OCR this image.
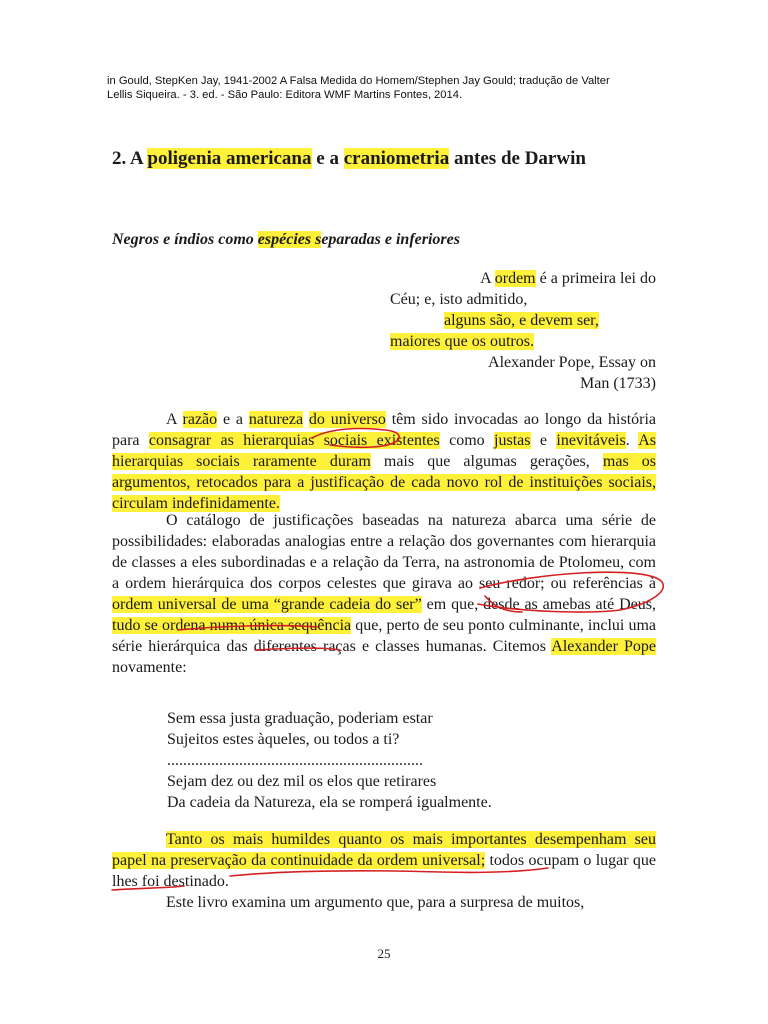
in Gould, StepKen Jay, 1941-2002 A Falsa Medida do Homem/Stephen Jay Gould; tradução de Valter
Lellis Siqueira. - 3. ed. - São Paulo: Editora WMF Martins Fontes, 2014.
2. A poligenia americana e a craniometria antes de Darwin
Negros e índios como espécies separadas e inferiores
A ordem é a primeira lei do
Céu; e, isto admitido,
alguns são, e devem ser,
maiores que os outros.
Alexander Pope, Essay on
Man (1733)

A razão e a natureza do universo têm sido invocadas ao longo da história para consagrar as hierarquias sociais existentes como justas e inevitáveis. As hierarquias sociais raramente duram mais que algumas gerações, mas os argumentos, retocados para a justificação de cada novo rol de instituições sociais, circulam indefinidamente.

O catálogo de justificações baseadas na natureza abarca uma série de possibilidades: elaboradas analogias entre a relação dos governantes com hierarquia de classes a eles subordinadas e a relação da Terra, na astronomia de Ptolomeu, com a ordem hierárquica dos corpos celestes que girava ao seu redor; ou referências à ordem universal de uma “grande cadeia do ser” em que, desde as amebas até Deus, tudo se ordena numa única sequência que, perto de seu ponto culminante, inclui uma série hierárquica das diferentes raças e classes humanas. Citemos Alexander Pope novamente:

Sem essa justa graduação, poderiam estar
Sujeitos estes àqueles, ou todos a ti?
................................................................
Sejam dez ou dez mil os elos que retirares
Da cadeia da Natureza, ela se romperá igualmente.

Tanto os mais humildes quanto os mais importantes desempenham seu papel na preservação da continuidade da ordem universal; todos ocupam o lugar que lhes foi destinado.

Este livro examina um argumento que, para a surpresa de muitos,

25
